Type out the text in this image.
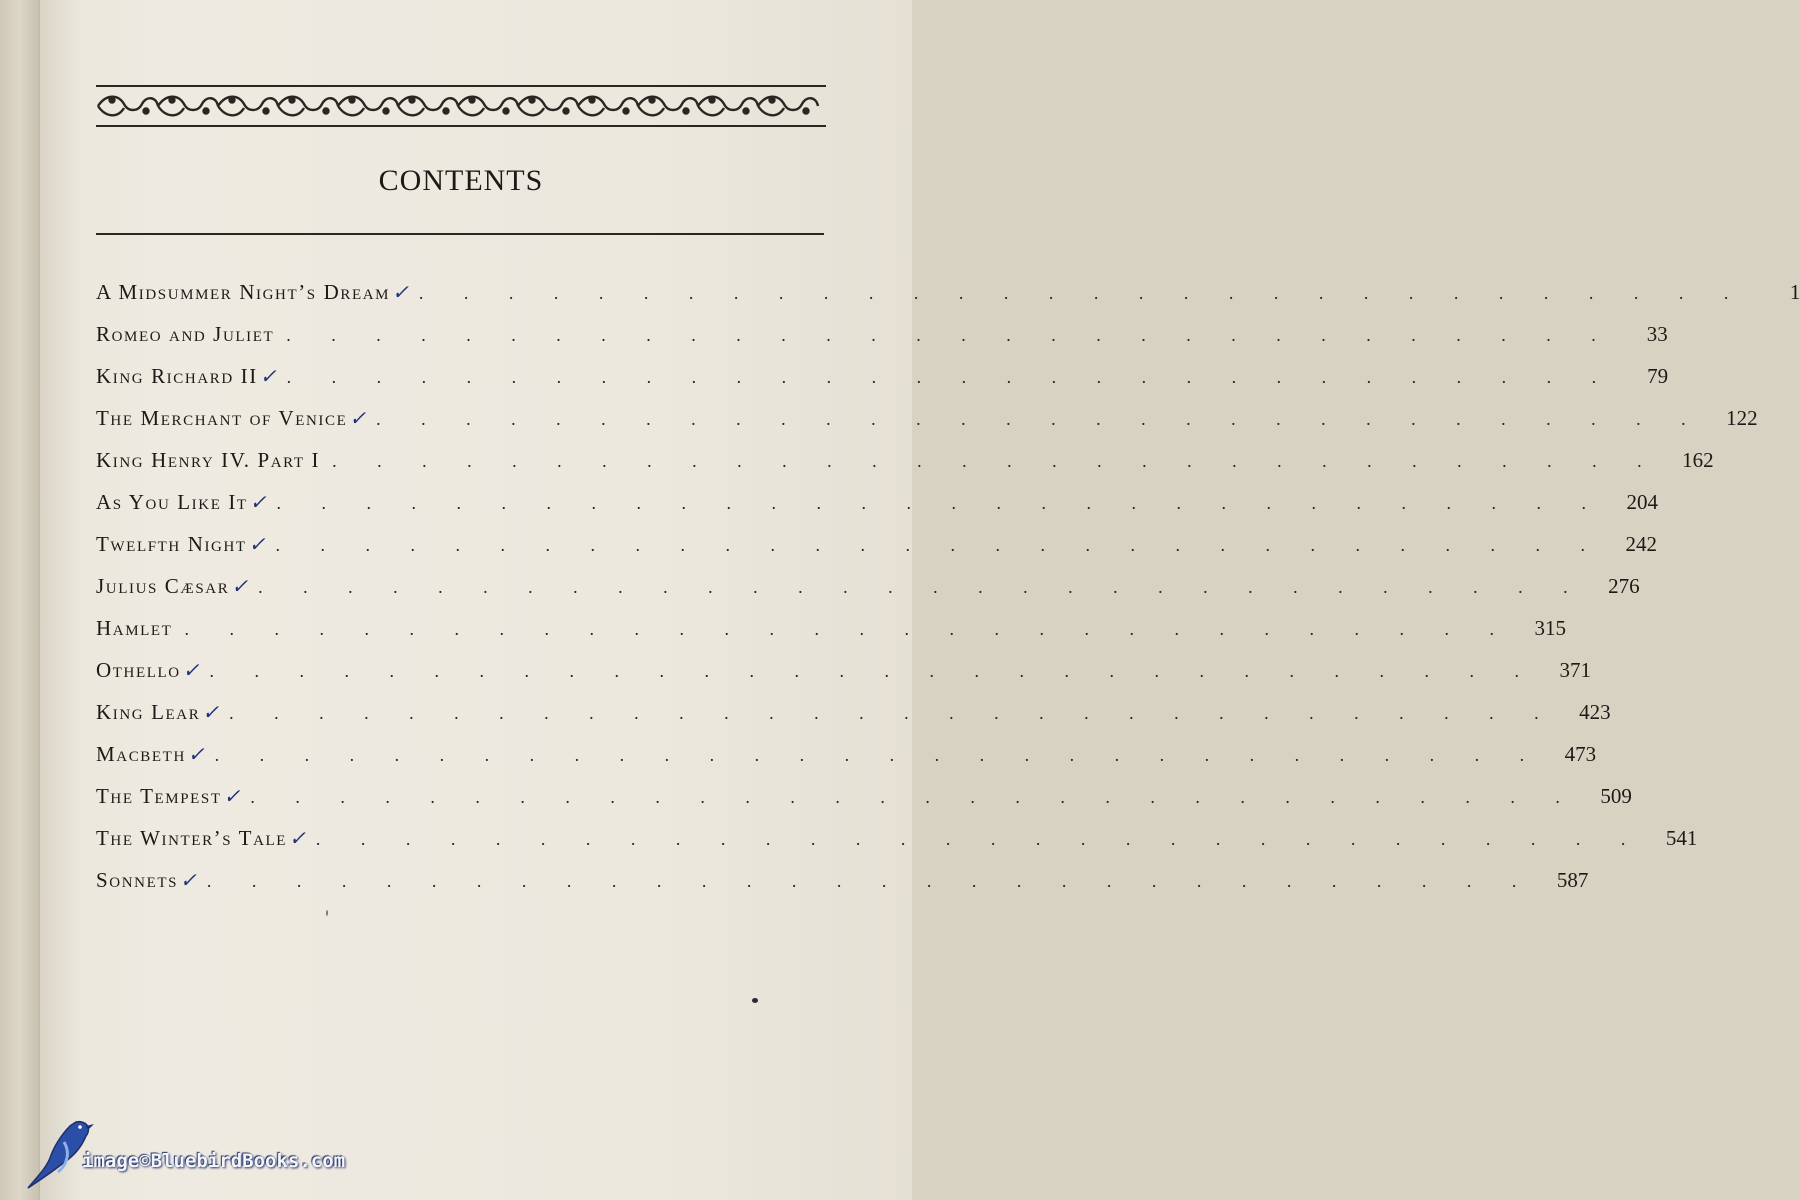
CONTENTS
A Midsummer Night’s Dream ✓ . . . . . . . . . . . . . . . . . . . . . . . . . . . . . .	1
Romeo and Juliet . . . . . . . . . . . . . . . . . . . . . . . . . . . . . .	33
King Richard II ✓ . . . . . . . . . . . . . . . . . . . . . . . . . . . . . .	79
The Merchant of Venice ✓ . . . . . . . . . . . . . . . . . . . . . . . . . . . . . .	122
King Henry IV. Part I . . . . . . . . . . . . . . . . . . . . . . . . . . . . . .	162
As You Like It ✓ . . . . . . . . . . . . . . . . . . . . . . . . . . . . . .	204
Twelfth Night ✓ . . . . . . . . . . . . . . . . . . . . . . . . . . . . . .	242
Julius Cæsar ✓ . . . . . . . . . . . . . . . . . . . . . . . . . . . . . .	276
Hamlet . . . . . . . . . . . . . . . . . . . . . . . . . . . . . .	315
Othello ✓ . . . . . . . . . . . . . . . . . . . . . . . . . . . . . .	371
King Lear ✓ . . . . . . . . . . . . . . . . . . . . . . . . . . . . . .	423
Macbeth ✓ . . . . . . . . . . . . . . . . . . . . . . . . . . . . . .	473
The Tempest ✓ . . . . . . . . . . . . . . . . . . . . . . . . . . . . . .	509
The Winter’s Tale ✓ . . . . . . . . . . . . . . . . . . . . . . . . . . . . . .	541
Sonnets ✓ . . . . . . . . . . . . . . . . . . . . . . . . . . . . . .	587
image©BluebirdBooks.com
